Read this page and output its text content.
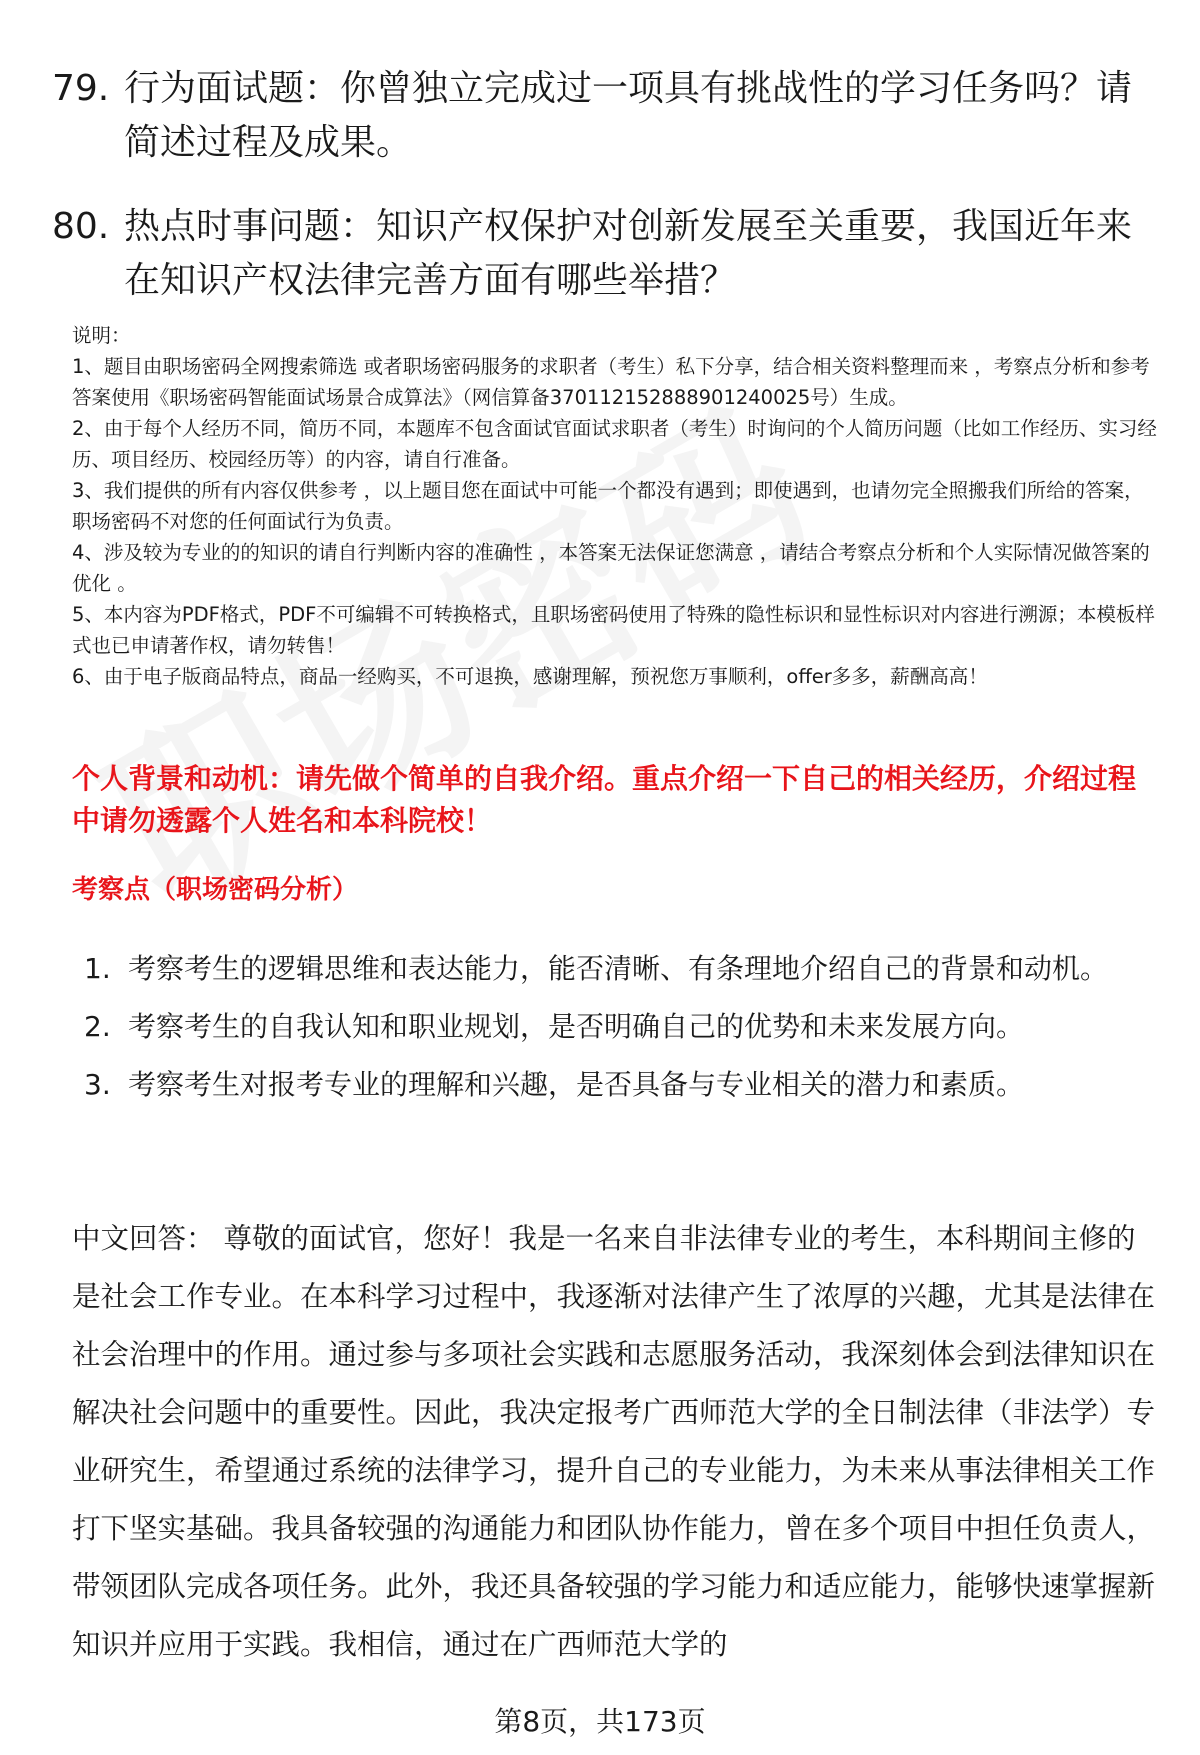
79. 行为面试题：你曾独立完成过一项具有挑战性的学习任务吗？请简述过程及成果。
80. 热点时事问题：知识产权保护对创新发展至关重要，我国近年来在知识产权法律完善方面有哪些举措？

说明：

1、题目由职场密码全网搜索筛选 或者职场密码服务的求职者（考生）私下分享，结合相关资料整理而来 ，考察点分析和参考答案使用《职场密码智能面试场景合成算法》（网信算备370112152888901240025号）生成。

2、由于每个人经历不同，简历不同，本题库不包含面试官面试求职者（考生）时询问的个人简历问题（比如工作经历、实习经历、项目经历、校园经历等）的内容，请自行准备。

3、我们提供的所有内容仅供参考 ，以上题目您在面试中可能一个都没有遇到；即使遇到，也请勿完全照搬我们所给的答案，职场密码不对您的任何面试行为负责。

4、涉及较为专业的的知识的请自行判断内容的准确性 ，本答案无法保证您满意 ，请结合考察点分析和个人实际情况做答案的优化 。

5、本内容为PDF格式，PDF不可编辑不可转换格式，且职场密码使用了特殊的隐性标识和显性标识对内容进行溯源；本模板样式也已申请著作权，请勿转售！

6、由于电子版商品特点，商品一经购买，不可退换，感谢理解，预祝您万事顺利，offer多多，薪酬高高！

个人背景和动机：请先做个简单的自我介绍。重点介绍一下自己的相关经历，介绍过程中请勿透露个人姓名和本科院校！
考察点（职场密码分析）
1. 考察考生的逻辑思维和表达能力，能否清晰、有条理地介绍自己的背景和动机。
2. 考察考生的自我认知和职业规划，是否明确自己的优势和未来发展方向。
3. 考察考生对报考专业的理解和兴趣，是否具备与专业相关的潜力和素质。
中文回答： 尊敬的面试官，您好！我是一名来自非法律专业的考生，本科期间主修的是社会工作专业。在本科学习过程中，我逐渐对法律产生了浓厚的兴趣，尤其是法律在社会治理中的作用。通过参与多项社会实践和志愿服务活动，我深刻体会到法律知识在解决社会问题中的重要性。因此，我决定报考广西师范大学的全日制法律（非法学）专业研究生，希望通过系统的法律学习，提升自己的专业能力，为未来从事法律相关工作打下坚实基础。我具备较强的沟通能力和团队协作能力，曾在多个项目中担任负责人，带领团队完成各项任务。此外，我还具备较强的学习能力和适应能力，能够快速掌握新知识并应用于实践。我相信，通过在广西师范大学的
第8页，共173页
